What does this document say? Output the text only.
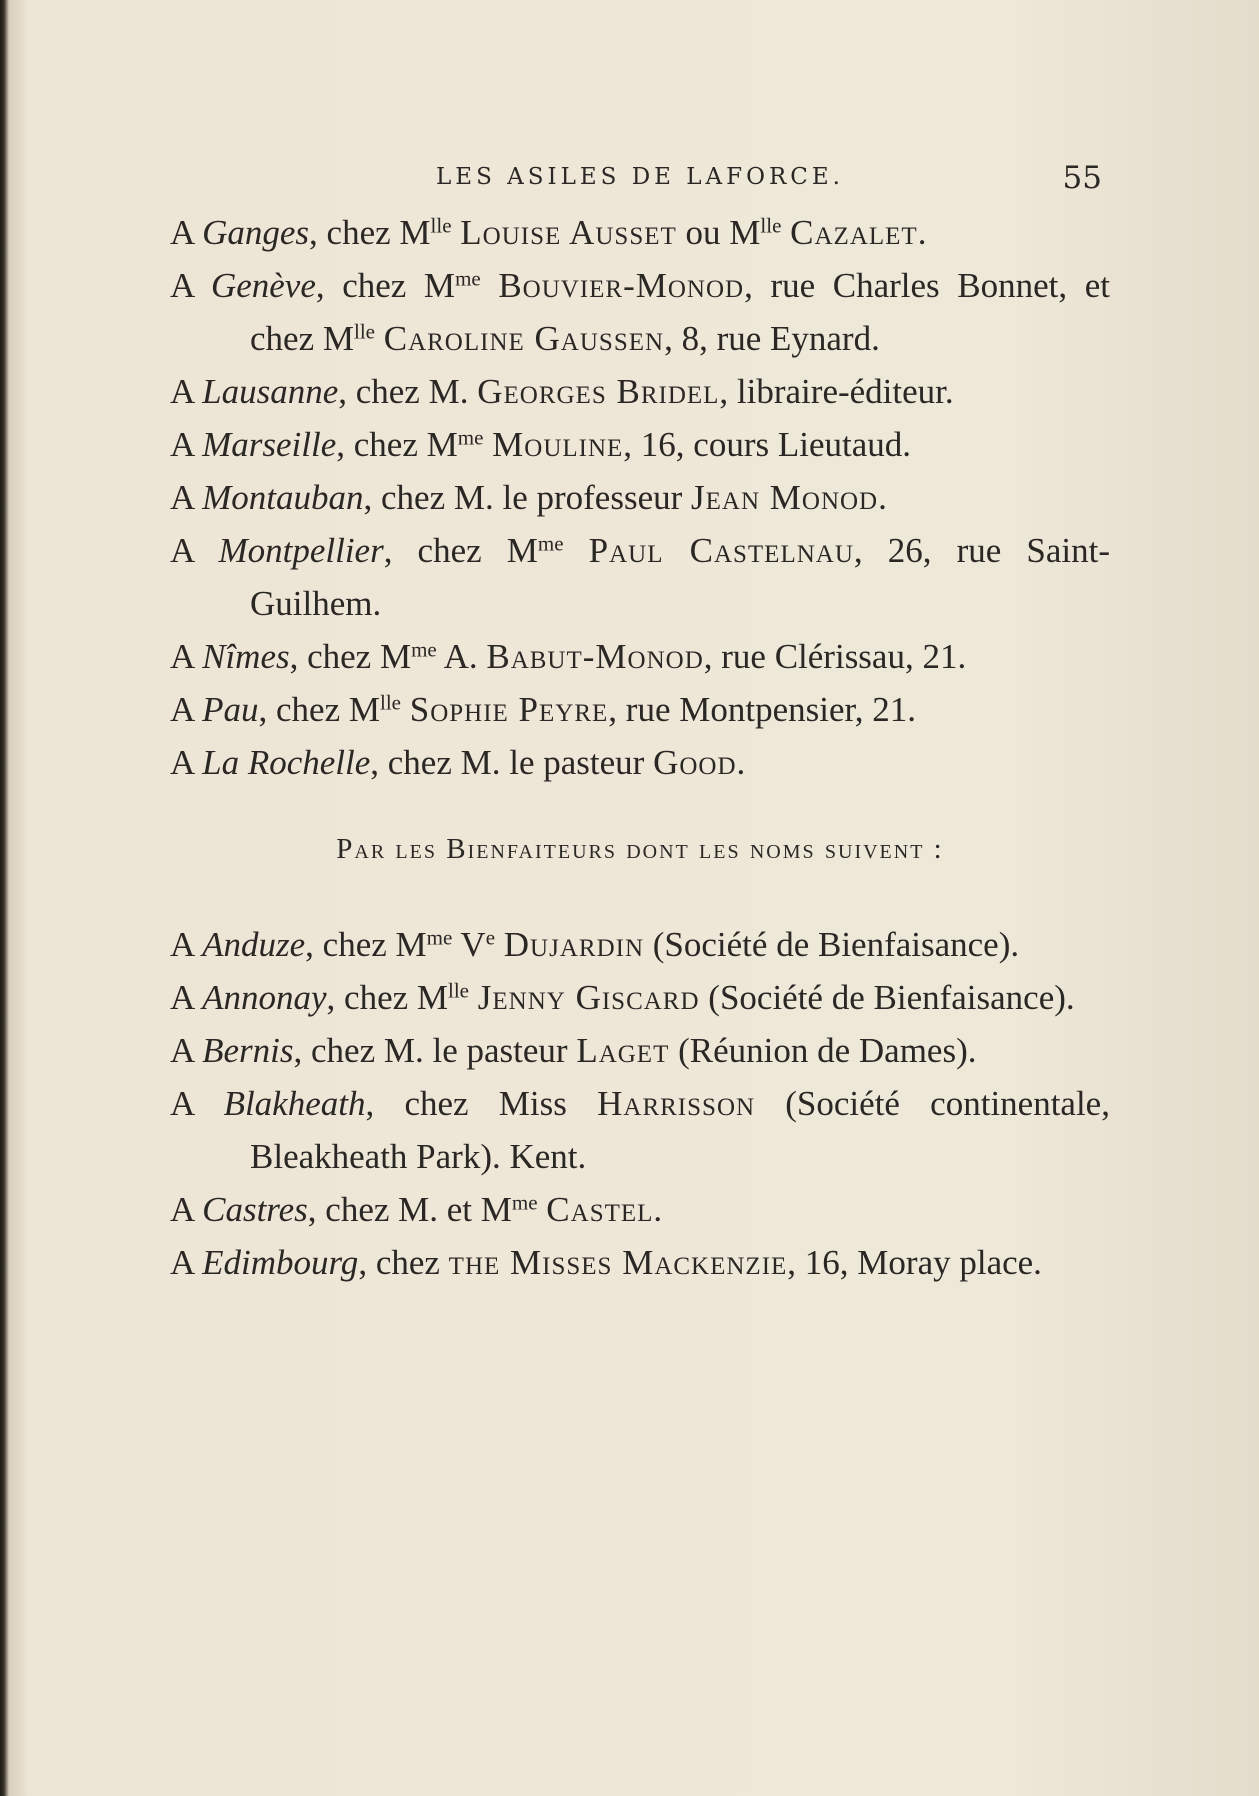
LES ASILES DE LAFORCE.	55

A Ganges, chez $M^{lle}$ Louise Ausset ou $M^{lle}$ Cazalet.

A Genève, chez $M^{me}$ Bouvier-Monod, rue Charles Bonnet, et chez $M^{lle}$ Caroline Gaussen, 8, rue Eynard.

A Lausanne, chez M. Georges Bridel, libraire-éditeur.

A Marseille, chez $M^{me}$ Mouline, 16, cours Lieutaud.

A Montauban, chez M. le professeur Jean Monod.

A Montpellier, chez $M^{me}$ Paul Castelnau, 26, rue Saint-Guilhem.

A Nîmes, chez $M^{me}$ A. Babut-Monod, rue Clérissau, 21.

A Pau, chez $M^{lle}$ Sophie Peyre, rue Montpensier, 21.

A La Rochelle, chez M. le pasteur Good.

Par les Bienfaiteurs dont les noms suivent :

A Anduze, chez $M^{me}$ Ve Dujardin (Société de Bienfaisance).

A Annonay, chez $M^{lle}$ Jenny Giscard (Société de Bienfaisance).

A Bernis, chez M. le pasteur Laget (Réunion de Dames).

A Blakheath, chez Miss Harrisson (Société continentale, Bleakheath Park). Kent.

A Castres, chez M. et $M^{me}$ Castel.

A Edimbourg, chez the Misses Mackenzie, 16, Moray place.
